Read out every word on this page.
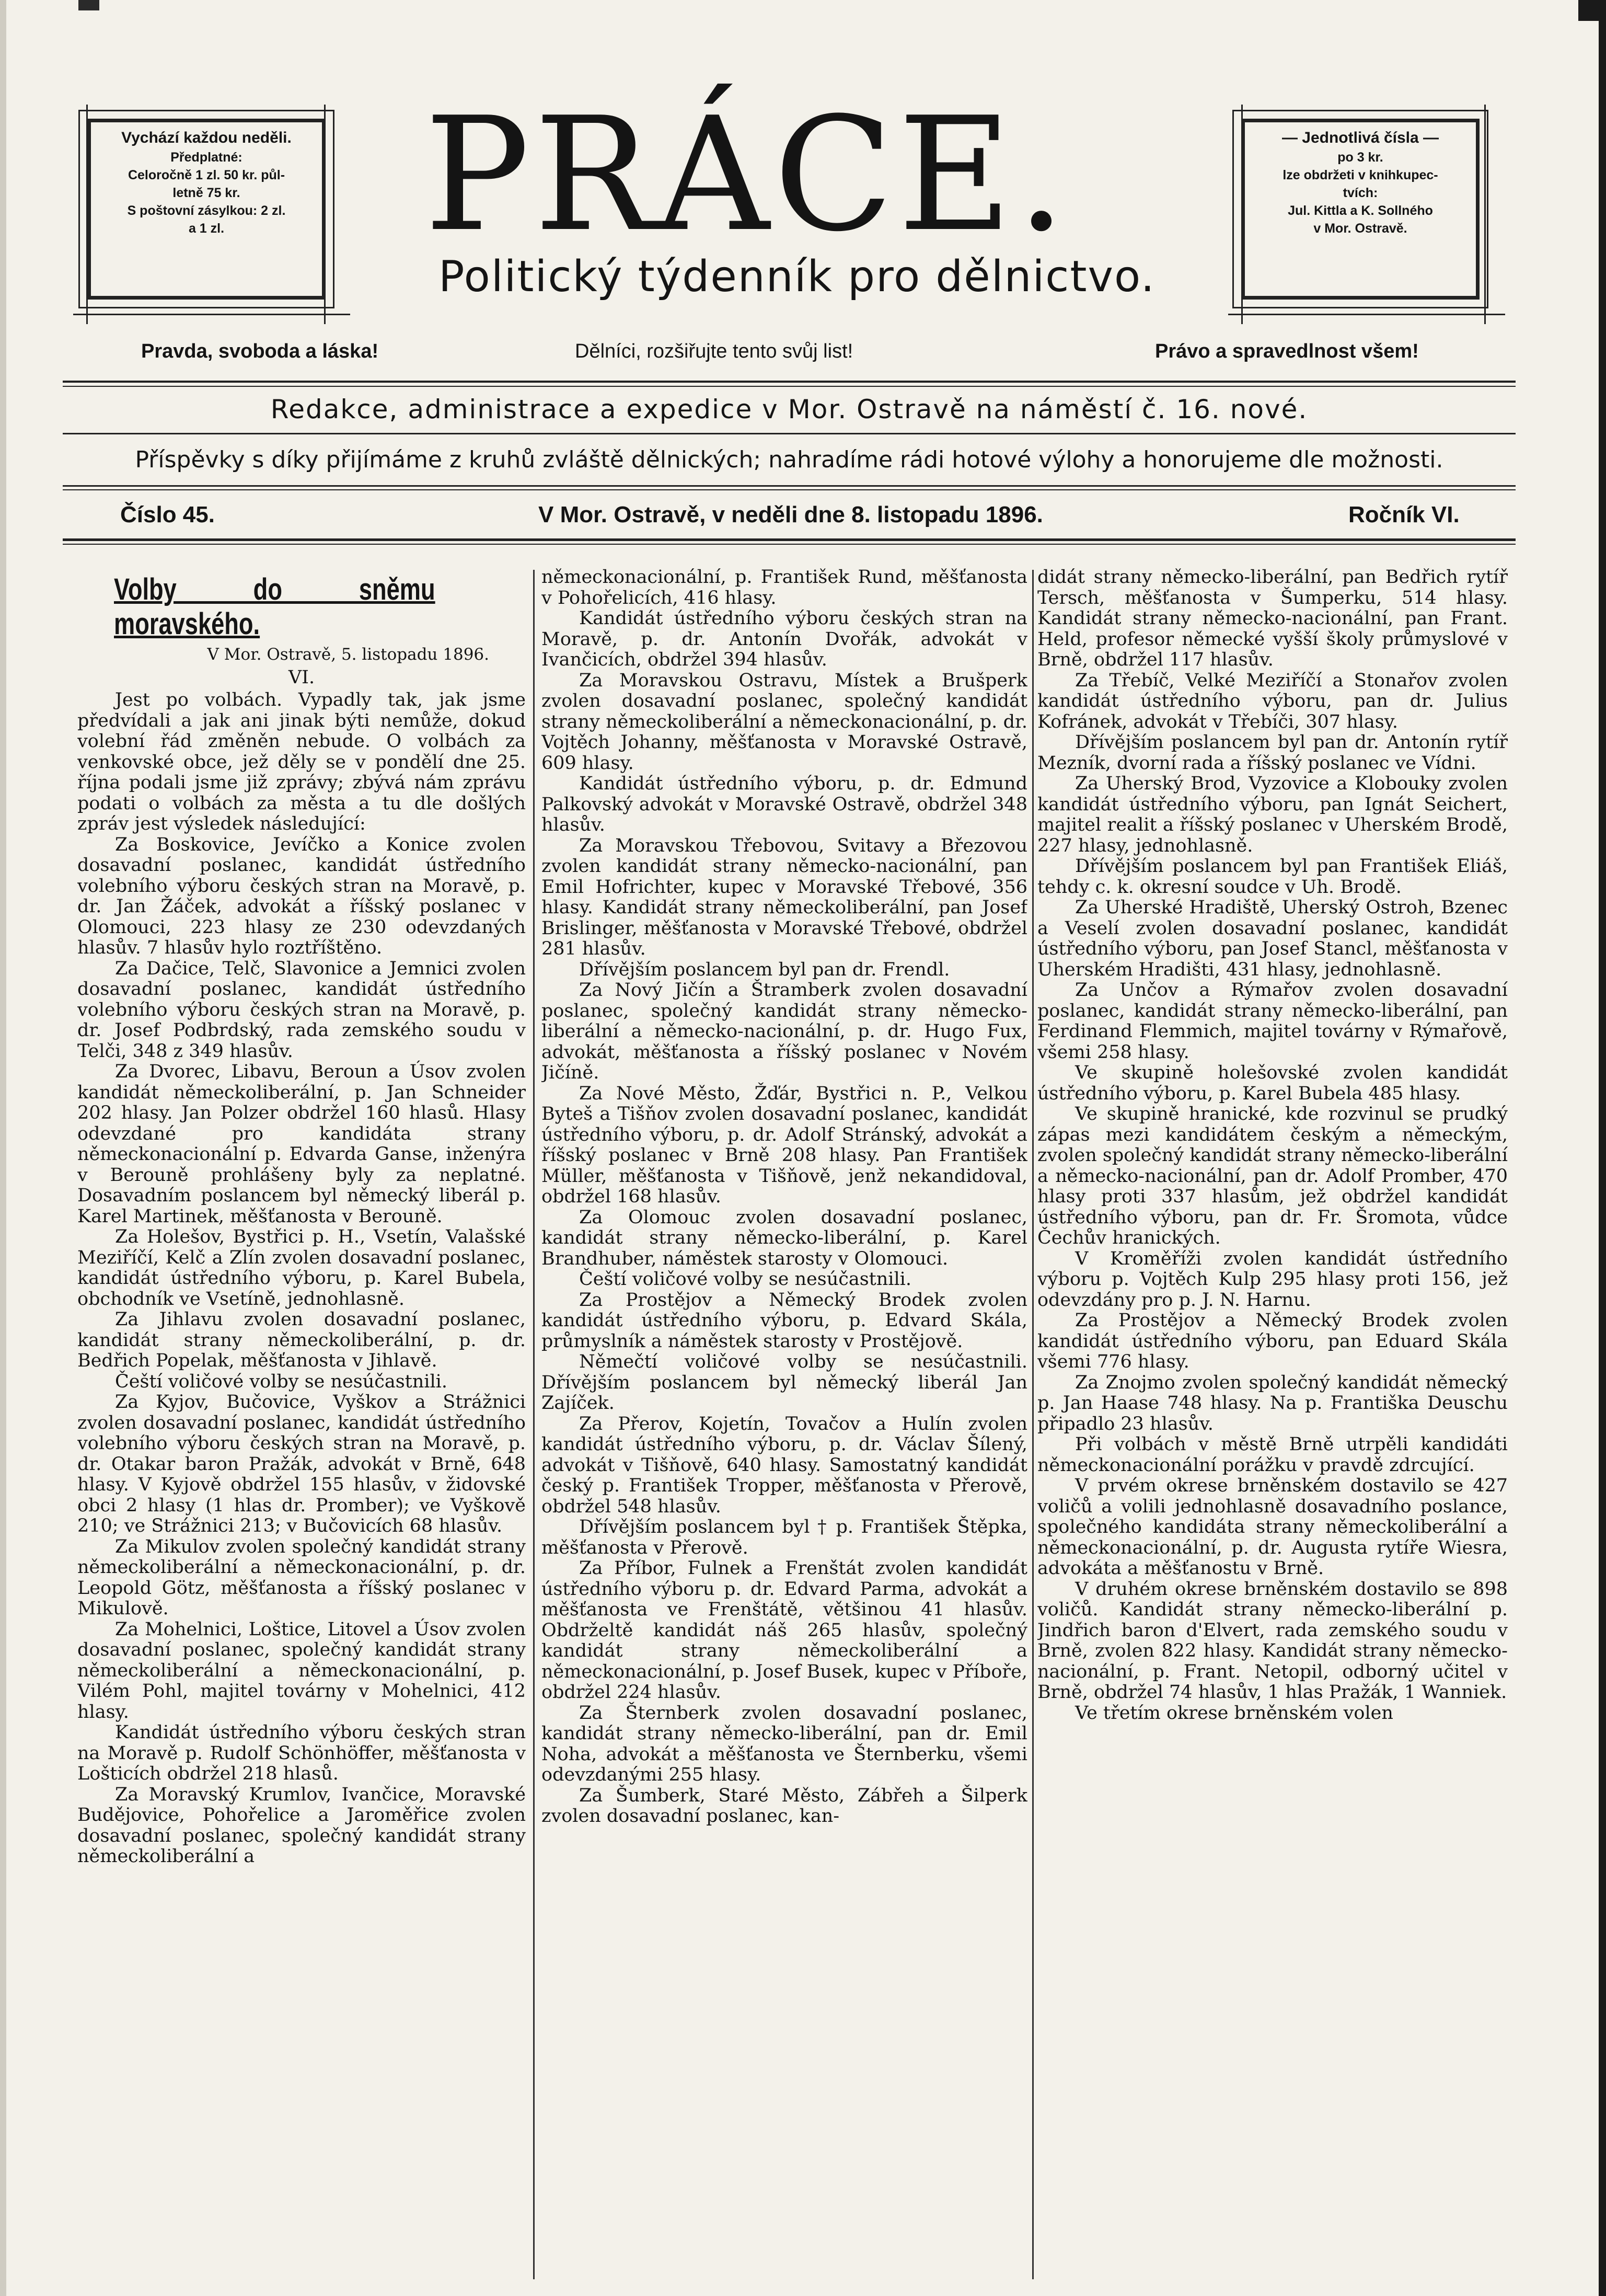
Vychází každou neděli.
Předplatné:
Celoročně 1 zl. 50 kr. půl-
letně 75 kr.
S poštovní zásylkou: 2 zl.
a 1 zl.
— Jednotlivá čísla —
po 3 kr.
lze obdržeti v knihkupec-
tvích:
Jul. Kittla a K. Sollného
v Mor. Ostravě.
PRÁCE.
Politický týdenník pro dělnictvo.
Pravda, svoboda a láska!	Dělníci, rozšiřujte tento svůj list!	Právo a spravedlnost všem!
Redakce, administrace a expedice v Mor. Ostravě na náměstí č. 16. nové.
Příspěvky s díky přijímáme z kruhů zvláště dělnických; nahradíme rádi hotové výlohy a honorujeme dle možnosti.
Číslo 45.	V Mor. Ostravě, v neděli dne 8. listopadu 1896.	Ročník VI.
Volby do sněmu moravského.
V Mor. Ostravě, 5. listopadu 1896.
VI.

Jest po volbách. Vypadly tak, jak jsme předvídali a jak ani jinak býti nemůže, dokud volební řád změněn nebude. O volbách za venkovské obce, jež děly se v pondělí dne 25. října podali jsme již zprávy; zbývá nám zprávu podati o volbách za města a tu dle došlých zpráv jest výsledek následující:

Za Boskovice, Jevíčko a Konice zvolen dosavadní poslanec, kandidát ústředního volebního výboru českých stran na Moravě, p. dr. Jan Žáček, advokát a říšský poslanec v Olomouci, 223 hlasy ze 230 odevzdaných hlasův. 7 hlasův hylo roztříštěno.

Za Dačice, Telč, Slavonice a Jemnici zvolen dosavadní poslanec, kandidát ústředního volebního výboru českých stran na Moravě, p. dr. Josef Podbrdský, rada zemského soudu v Telči, 348 z 349 hlasův.

Za Dvorec, Libavu, Beroun a Úsov zvolen kandidát německoliberální, p. Jan Schneider 202 hlasy. Jan Polzer obdržel 160 hlasů. Hlasy odevzdané pro kandidáta strany německonacionální p. Edvarda Ganse, inženýra v Berouně prohlášeny byly za neplatné. Dosavadním poslancem byl německý liberál p. Karel Martinek, měšťanosta v Berouně.

Za Holešov, Bystřici p. H., Vsetín, Valašské Meziříčí, Kelč a Zlín zvolen dosavadní poslanec, kandidát ústředního výboru, p. Karel Bubela, obchodník ve Vsetíně, jednohlasně.

Za Jihlavu zvolen dosavadní poslanec, kandidát strany německoliberální, p. dr. Bedřich Popelak, měšťanosta v Jihlavě.

Čeští voličové volby se nesúčastnili.

Za Kyjov, Bučovice, Vyškov a Strážnici zvolen dosavadní poslanec, kandidát ústředního volebního výboru českých stran na Moravě, p. dr. Otakar baron Pražák, advokát v Brně, 648 hlasy. V Kyjově obdržel 155 hlasův, v židovské obci 2 hlasy (1 hlas dr. Promber); ve Vyškově 210; ve Strážnici 213; v Bučovicích 68 hlasův.

Za Mikulov zvolen společný kandidát strany německoliberální a německonacionální, p. dr. Leopold Götz, měšťanosta a říšský poslanec v Mikulově.

Za Mohelnici, Loštice, Litovel a Úsov zvolen dosavadní poslanec, společný kandidát strany německoliberální a německonacionální, p. Vilém Pohl, majitel továrny v Mohelnici, 412 hlasy.

Kandidát ústředního výboru českých stran na Moravě p. Rudolf Schönhöffer, měšťanosta v Lošticích obdržel 218 hlasů.

Za Moravský Krumlov, Ivančice, Moravské Budějovice, Pohořelice a Jaroměřice zvolen dosavadní poslanec, společný kandidát strany německoliberální a

německonacionální, p. František Rund, měšťanosta v Pohořelicích, 416 hlasy.

Kandidát ústředního výboru českých stran na Moravě, p. dr. Antonín Dvořák, advokát v Ivančicích, obdržel 394 hlasův.

Za Moravskou Ostravu, Místek a Brušperk zvolen dosavadní poslanec, společný kandidát strany německoliberální a německonacionální, p. dr. Vojtěch Johanny, měšťanosta v Moravské Ostravě, 609 hlasy.

Kandidát ústředního výboru, p. dr. Edmund Palkovský advokát v Moravské Ostravě, obdržel 348 hlasův.

Za Moravskou Třebovou, Svitavy a Březovou zvolen kandidát strany německo-nacionální, pan Emil Hofrichter, kupec v Moravské Třebové, 356 hlasy. Kandidát strany německoliberální, pan Josef Brislinger, měšťanosta v Moravské Třebové, obdržel 281 hlasův.

Dřívějším poslancem byl pan dr. Frendl.

Za Nový Jičín a Štramberk zvolen dosavadní poslanec, společný kandidát strany německo-liberální a německo-nacionální, p. dr. Hugo Fux, advokát, měšťanosta a říšský poslanec v Novém Jičíně.

Za Nové Město, Žďár, Bystřici n. P., Velkou Byteš a Tišňov zvolen dosavadní poslanec, kandidát ústředního výboru, p. dr. Adolf Stránský, advokát a říšský poslanec v Brně 208 hlasy. Pan František Müller, měšťanosta v Tišňově, jenž nekandidoval, obdržel 168 hlasův.

Za Olomouc zvolen dosavadní poslanec, kandidát strany německo-liberální, p. Karel Brandhuber, náměstek starosty v Olomouci.

Čeští voličové volby se nesúčastnili.

Za Prostějov a Německý Brodek zvolen kandidát ústředního výboru, p. Edvard Skála, průmyslník a náměstek starosty v Prostějově.

Němečtí voličové volby se nesúčastnili. Dřívějším poslancem byl německý liberál Jan Zajíček.

Za Přerov, Kojetín, Tovačov a Hulín zvolen kandidát ústředního výboru, p. dr. Václav Šílený, advokát v Tišňově, 640 hlasy. Samostatný kandidát český p. František Tropper, měšťanosta v Přerově, obdržel 548 hlasův.

Dřívějším poslancem byl † p. František Štěpka, měšťanosta v Přerově.

Za Příbor, Fulnek a Frenštát zvolen kandidát ústředního výboru p. dr. Edvard Parma, advokát a měšťanosta ve Frenštátě, většinou 41 hlasův. Obdrželtě kandidát náš 265 hlasův, společný kandidát strany německoliberální a německonacionální, p. Josef Busek, kupec v Příboře, obdržel 224 hlasův.

Za Šternberk zvolen dosavadní poslanec, kandidát strany německo-liberální, pan dr. Emil Noha, advokát a měšťanosta ve Šternberku, všemi odevzdanými 255 hlasy.

Za Šumberk, Staré Město, Zábřeh a Šilperk zvolen dosavadní poslanec, kan-

didát strany německo-liberální, pan Bedřich rytíř Tersch, měšťanosta v Šumperku, 514 hlasy. Kandidát strany německo-nacionální, pan Frant. Held, profesor německé vyšší školy průmyslové v Brně, obdržel 117 hlasův.

Za Třebíč, Velké Meziříčí a Stonařov zvolen kandidát ústředního výboru, pan dr. Julius Kofránek, advokát v Třebíči, 307 hlasy.

Dřívějším poslancem byl pan dr. Antonín rytíř Mezník, dvorní rada a říšský poslanec ve Vídni.

Za Uherský Brod, Vyzovice a Klobouky zvolen kandidát ústředního výboru, pan Ignát Seichert, majitel realit a říšský poslanec v Uherském Brodě, 227 hlasy, jednohlasně.

Dřívějším poslancem byl pan František Eliáš, tehdy c. k. okresní soudce v Uh. Brodě.

Za Uherské Hradiště, Uherský Ostroh, Bzenec a Veselí zvolen dosavadní poslanec, kandidát ústředního výboru, pan Josef Stancl, měšťanosta v Uherském Hradišti, 431 hlasy, jednohlasně.

Za Unčov a Rýmařov zvolen dosavadní poslanec, kandidát strany německo-liberální, pan Ferdinand Flemmich, majitel továrny v Rýmařově, všemi 258 hlasy.

Ve skupině holešovské zvolen kandidát ústředního výboru, p. Karel Bubela 485 hlasy.

Ve skupině hranické, kde rozvinul se prudký zápas mezi kandidátem českým a německým, zvolen společný kandidát strany německo-liberální a německo-nacionální, pan dr. Adolf Promber, 470 hlasy proti 337 hlasům, jež obdržel kandidát ústředního výboru, pan dr. Fr. Šromota, vůdce Čechův hranických.

V Kroměříži zvolen kandidát ústředního výboru p. Vojtěch Kulp 295 hlasy proti 156, jež odevzdány pro p. J. N. Harnu.

Za Prostějov a Německý Brodek zvolen kandidát ústředního výboru, pan Eduard Skála všemi 776 hlasy.

Za Znojmo zvolen společný kandidát německý p. Jan Haase 748 hlasy. Na p. Františka Deuschu připadlo 23 hlasův.

Při volbách v městě Brně utrpěli kandidáti německonacionální porážku v pravdě zdrcující.

V prvém okrese brněnském dostavilo se 427 voličů a volili jednohlasně dosavadního poslance, společného kandidáta strany německoliberální a německonacionální, p. dr. Augusta rytíře Wiesra, advokáta a měšťanostu v Brně.

V druhém okrese brněnském dostavilo se 898 voličů. Kandidát strany německo-liberální p. Jindřich baron d'Elvert, rada zemského soudu v Brně, zvolen 822 hlasy. Kandidát strany německo-nacionální, p. Frant. Netopil, odborný učitel v Brně, obdržel 74 hlasův, 1 hlas Pražák, 1 Wanniek.

Ve třetím okrese brněnském volen
